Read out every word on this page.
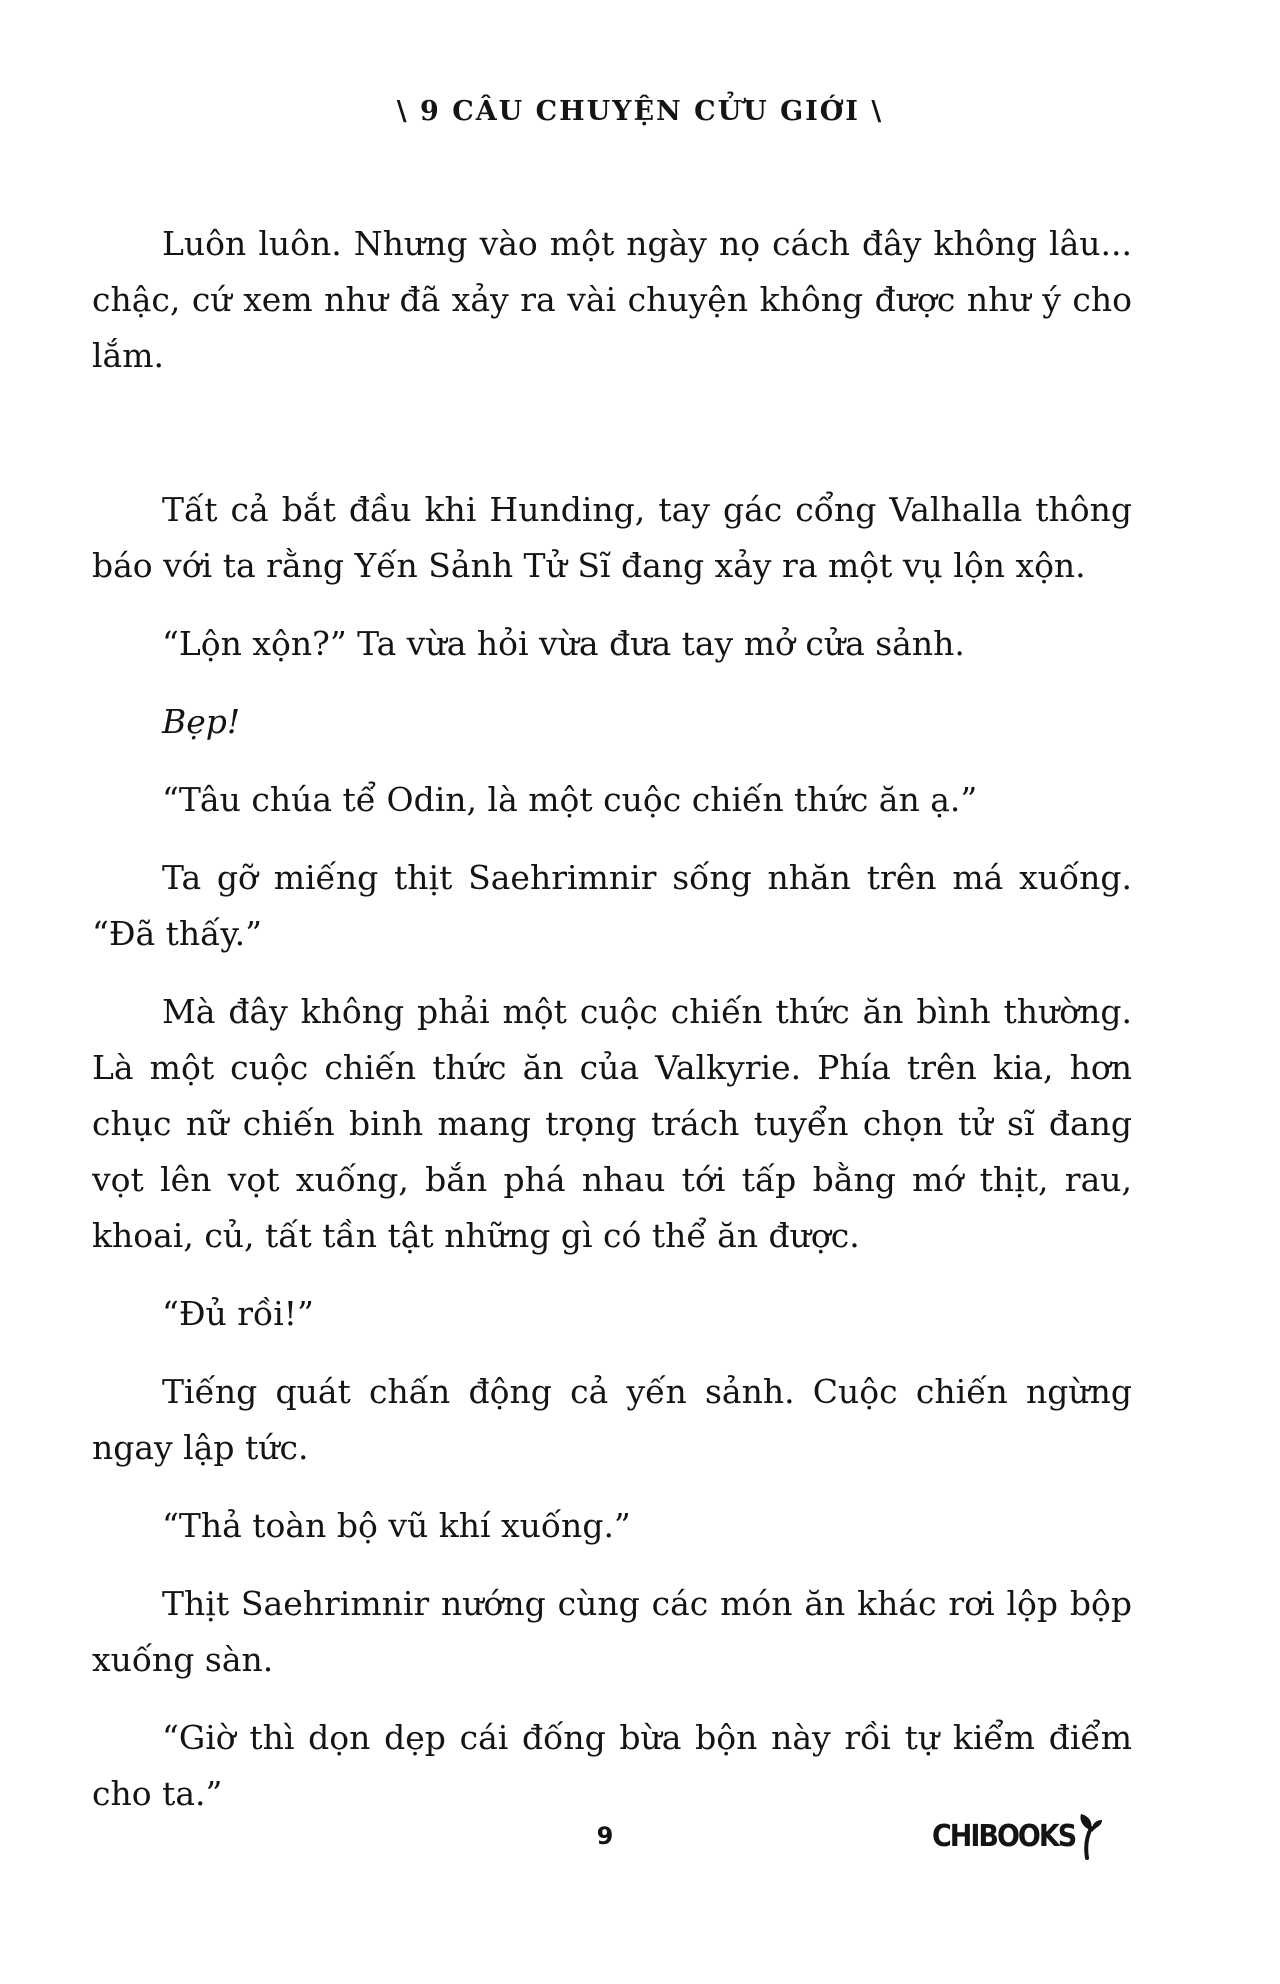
\ 9 CÂU CHUYỆN CỬU GIỚI \

Luôn luôn. Nhưng vào một ngày nọ cách đây không lâu... chậc, cứ xem như đã xảy ra vài chuyện không được như ý cho lắm.

Tất cả bắt đầu khi Hunding, tay gác cổng Valhalla thông báo với ta rằng Yến Sảnh Tử Sĩ đang xảy ra một vụ lộn xộn.

“Lộn xộn?” Ta vừa hỏi vừa đưa tay mở cửa sảnh.

Bẹp!

“Tâu chúa tể Odin, là một cuộc chiến thức ăn ạ.”

Ta gỡ miếng thịt Saehrimnir sống nhăn trên má xuống. “Đã thấy.”

Mà đây không phải một cuộc chiến thức ăn bình thường. Là một cuộc chiến thức ăn của Valkyrie. Phía trên kia, hơn chục nữ chiến binh mang trọng trách tuyển chọn tử sĩ đang vọt lên vọt xuống, bắn phá nhau tới tấp bằng mớ thịt, rau, khoai, củ, tất tần tật những gì có thể ăn được.

“Đủ rồi!”

Tiếng quát chấn động cả yến sảnh. Cuộc chiến ngừng ngay lập tức.

“Thả toàn bộ vũ khí xuống.”

Thịt Saehrimnir nướng cùng các món ăn khác rơi lộp bộp xuống sàn.

“Giờ thì dọn dẹp cái đống bừa bộn này rồi tự kiểm điểm cho ta.”

9	CHIBOOKS
